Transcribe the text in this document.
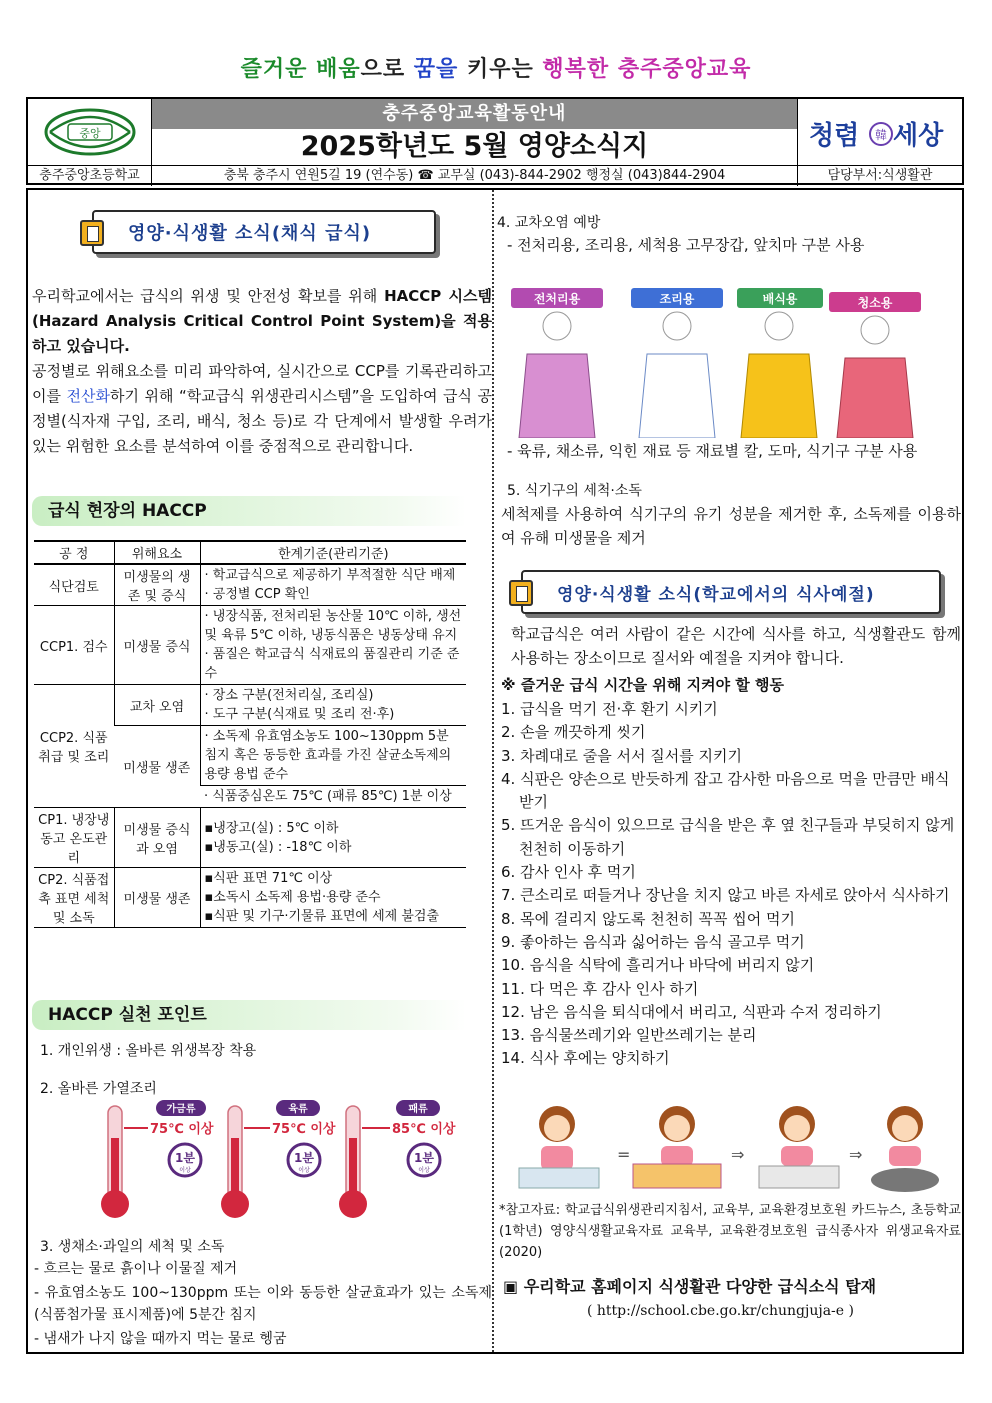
즐거운 배움으로 꿈을 키우는 행복한 충주중앙교육
중앙
충주중앙교육활동안내
2025학년도 5월 영양소식지	청렴 韓 세상
충주중앙초등학교	충북 충주시 연원5길 19 (연수동) ☎ 교무실 (043)-844-2902 행정실 (043)844-2904	담당부서:식생활관
영양·식생활 소식(채식 급식)
우리학교에서는 급식의 위생 및 안전성 확보를 위해 HACCP 시스템(Hazard Analysis Critical Control Point System)을 적용하고 있습니다.
공정별로 위해요소를 미리 파악하여, 실시간으로 CCP를 기록관리하고 이를 전산화하기 위해 “학교급식 위생관리시스템”을 도입하여 급식 공정별(식자재 구입, 조리, 배식, 청소 등)로 각 단계에서 발생할 우려가 있는 위험한 요소를 분석하여 이를 중점적으로 관리합니다.
급식 현장의 HACCP
공 정	위해요소	한계기준(관리기준)
식단검토	미생물의 생존 및 증식	· 학교급식으로 제공하기 부적절한 식단 배제
· 공정별 CCP 확인

CCP1. 검수	미생물 증식	· 냉장식품, 전처리된 농산물 10℃ 이하, 생선 및 육류 5℃ 이하, 냉동식품은 냉동상태 유지
· 품질은 학교급식 식재료의 품질관리 기준 준수

CCP2. 식품취급 및 조리	교차 오염	· 장소 구분(전처리실, 조리실)
· 도구 구분(식재료 및 조리 전·후)

	미생물 생존	· 소독제 유효염소농도 100~130ppm 5분 침지 혹은 동등한 효과를 가진 살균소독제의 용량 용법 준수

		· 식품중심온도 75℃ (패류 85℃) 1분 이상
CP1. 냉장냉동고 온도관리	미생물 증식과 오염	▪냉장고(실) : 5℃ 이하
▪냉동고(실) : -18℃ 이하

CP2. 식품접촉 표면 세척 및 소독	미생물 생존	▪식판 표면 71℃ 이상
▪소독시 소독제 용법·용량 준수
▪식판 및 기구·기물류 표면에 세제 불검출
HACCP 실천 포인트
1. 개인위생 : 올바른 위생복장 착용
2. 올바른 가열조리
가금류
75℃ 이상
1분
이상
육류
75℃ 이상
1분
이상
패류
85℃ 이상
1분
이상
3. 생채소·과일의 세척 및 소독
- 흐르는 물로 흙이나 이물질 제거
- 유효염소농도 100~130ppm 또는 이와 동등한 살균효과가 있는 소독제(식품첨가물 표시제품)에 5분간 침지
- 냄새가 나지 않을 때까지 먹는 물로 헹굼
4. 교차오염 예방
- 전처리용, 조리용, 세척용 고무장갑, 앞치마 구분 사용
전처리용	조리용	배식용	청소용
- 육류, 채소류, 익힌 재료 등 재료별 칼, 도마, 식기구 구분 사용
5. 식기구의 세척·소독
세척제를 사용하여 식기구의 유기 성분을 제거한 후, 소독제를 이용하여 유해 미생물을 제거
영양·식생활 소식(학교에서의 식사예절)
학교급식은 여러 사람이 같은 시간에 식사를 하고, 식생활관도 함께 사용하는 장소이므로 질서와 예절을 지켜야 합니다.
※ 즐거운 급식 시간을 위해 지켜야 할 행동
1. 급식을 먹기 전·후 환기 시키기
2. 손을 깨끗하게 씻기
3. 차례대로 줄을 서서 질서를 지키기
4. 식판은 양손으로 반듯하게 잡고 감사한 마음으로 먹을 만큼만 배식받기
5. 뜨거운 음식이 있으므로 급식을 받은 후 옆 친구들과 부딪히지 않게 천천히 이동하기
6. 감사 인사 후 먹기
7. 큰소리로 떠들거나 장난을 치지 않고 바른 자세로 앉아서 식사하기
8. 목에 걸리지 않도록 천천히 꼭꼭 씹어 먹기
9. 좋아하는 음식과 싫어하는 음식 골고루 먹기
10. 음식을 식탁에 흘리거나 바닥에 버리지 않기
11. 다 먹은 후 감사 인사 하기
12. 남은 음식을 퇴식대에서 버리고, 식판과 수저 정리하기
13. 음식물쓰레기와 일반쓰레기는 분리
14. 식사 후에는 양치하기
=	⇒	⇒
*참고자료: 학교급식위생관리지침서, 교육부, 교육환경보호원 카드뉴스, 초등학교(1학년) 영양식생활교육자료 교육부, 교육환경보호원 급식종사자 위생교육자료(2020)
▣ 우리학교 홈페이지 식생활관 다양한 급식소식 탑재
( http://school.cbe.go.kr/chungjuja-e )
